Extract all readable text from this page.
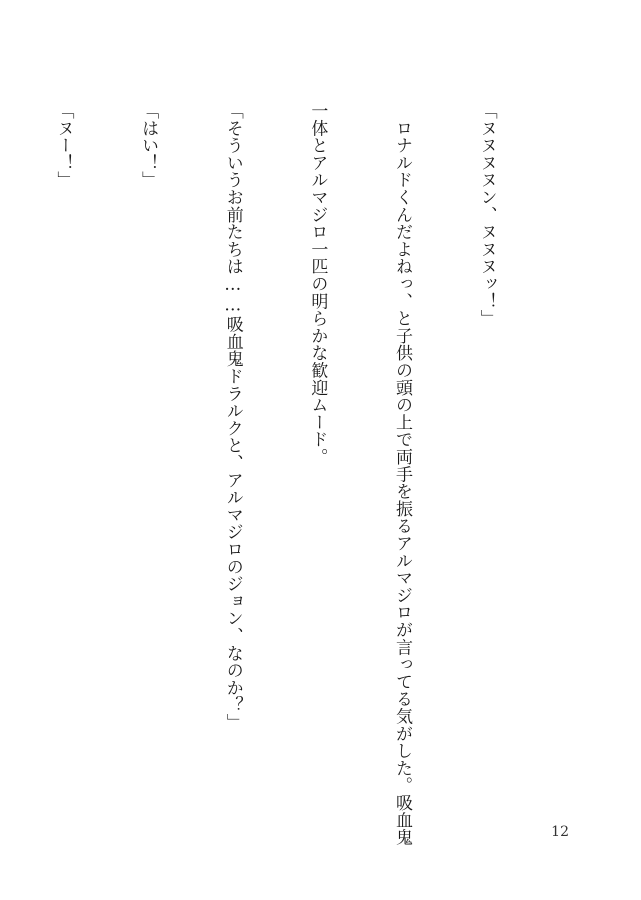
「ヌヌヌヌン、ヌヌヌッ！」

　ロナルドくんだよねっ、と子供の頭の上で両手を振るアルマジロが言ってる気がした。吸血鬼

一体とアルマジロ一匹の明らかな歓迎ムード。

「そういうお前たちは……吸血鬼ドラルクと、アルマジロのジョン、なのか？」

「はい！」

「ヌー！」

12
